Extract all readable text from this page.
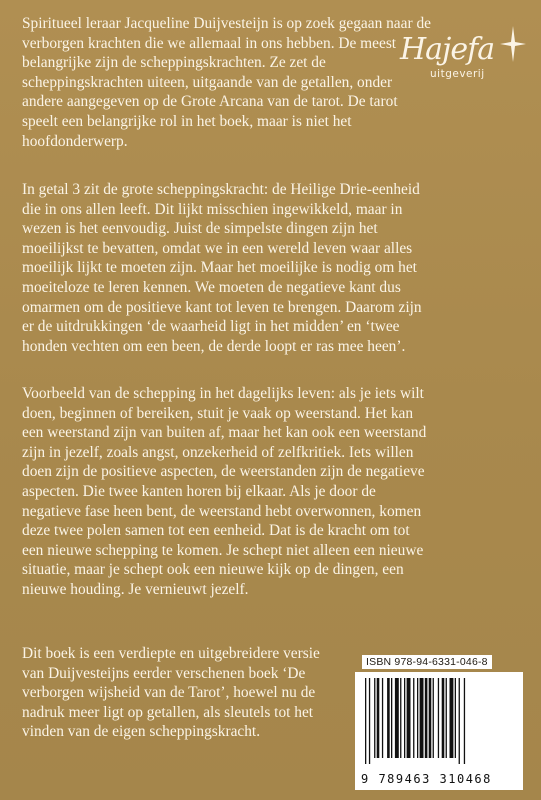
Spiritueel leraar Jacqueline Duijvesteijn is op zoek gegaan naar de verborgen krachten die we allemaal in ons hebben. De meest belangrijke zijn de scheppingskrachten. Ze zet de scheppingskrachten uiteen, uitgaande van de getallen, onder andere aangegeven op de Grote Arcana van de tarot. De tarot speelt een belangrijke rol in het boek, maar is niet het hoofdonderwerp.

In getal 3 zit de grote scheppingskracht: de Heilige Drie-eenheid die in ons allen leeft. Dit lijkt misschien ingewikkeld, maar in wezen is het eenvoudig. Juist de simpelste dingen zijn het moeilijkst te bevatten, omdat we in een wereld leven waar alles moeilijk lijkt te moeten zijn. Maar het moeilijke is nodig om het moeiteloze te leren kennen. We moeten de negatieve kant dus omarmen om de positieve kant tot leven te brengen. Daarom zijn er de uitdrukkingen ‘de waarheid ligt in het midden’ en ‘twee honden vechten om een been, de derde loopt er ras mee heen’.

Voorbeeld van de schepping in het dagelijks leven: als je iets wilt doen, beginnen of bereiken, stuit je vaak op weerstand. Het kan een weerstand zijn van buiten af, maar het kan ook een weerstand zijn in jezelf, zoals angst, onzekerheid of zelfkritiek. Iets willen doen zijn de positieve aspecten, de weerstanden zijn de negatieve aspecten. Die twee kanten horen bij elkaar. Als je door de negatieve fase heen bent, de weerstand hebt overwonnen, komen deze twee polen samen tot een eenheid. Dat is de kracht om tot een nieuwe schepping te komen. Je schept niet alleen een nieuwe situatie, maar je schept ook een nieuwe kijk op de dingen, een nieuwe houding. Je vernieuwt jezelf.

Dit boek is een verdiepte en uitgebreidere versie van Duijvesteijns eerder verschenen boek ‘De verborgen wijsheid van de Tarot’, hoewel nu de nadruk meer ligt op getallen, als sleutels tot het vinden van de eigen scheppingskracht.

Hajefa
uitgeverij
ISBN 978-94-6331-046-8
9 789463 310468
